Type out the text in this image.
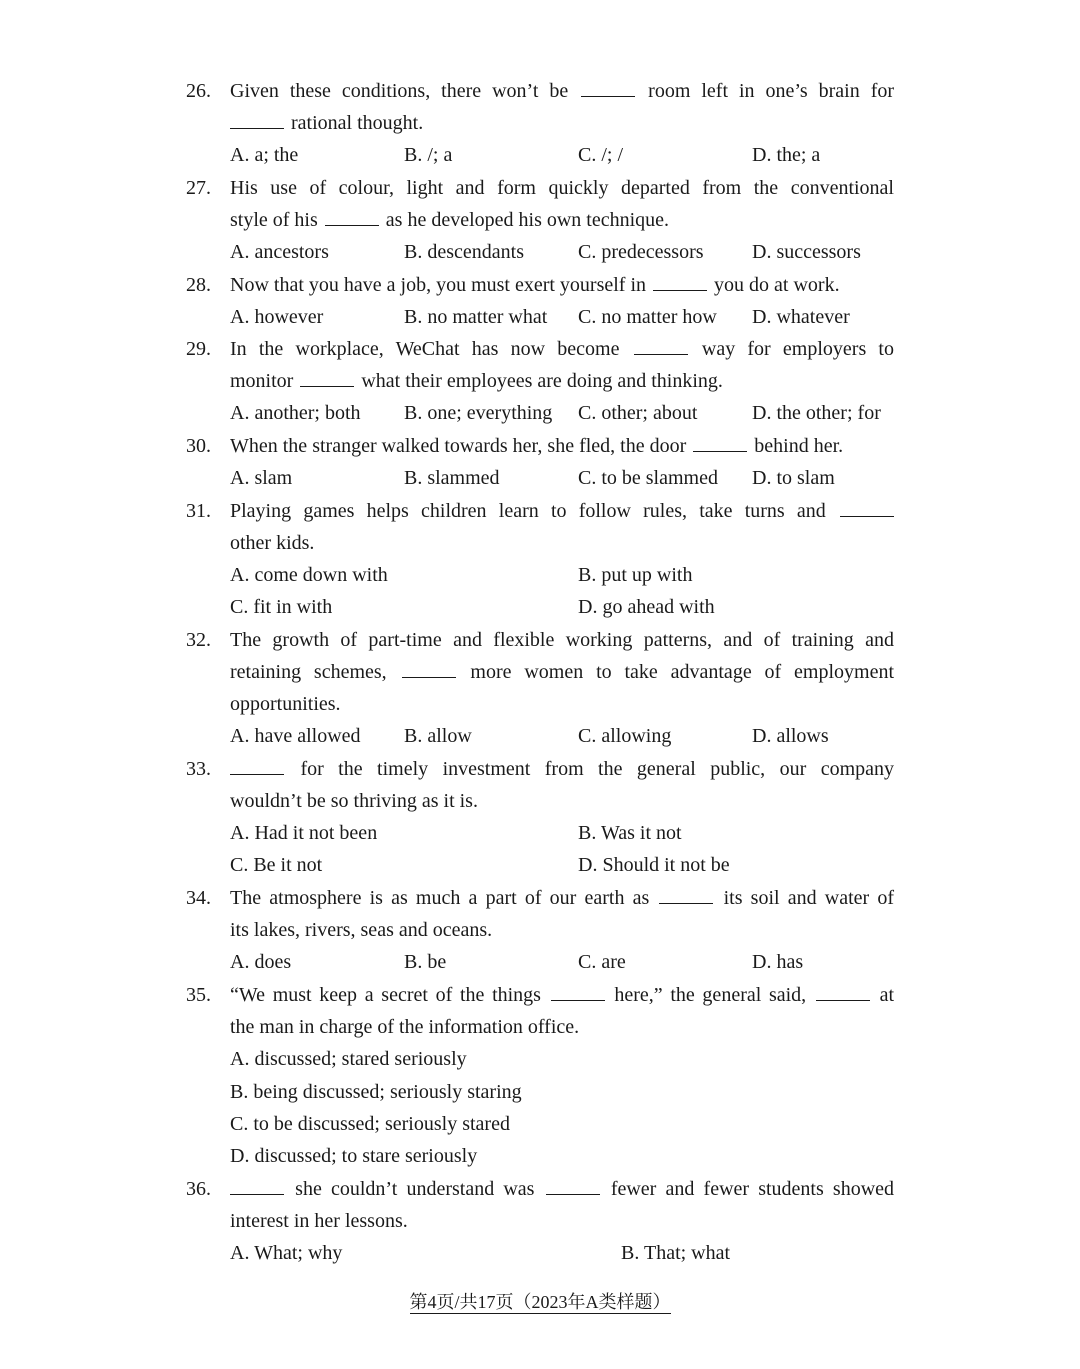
26. Given these conditions, there won’t be	room left in one’s brain for
rational thought.
A. a; the	B. /; a	C. /; /	D. the; a
27. His use of colour, light and form quickly departed from the conventional
style of his	as he developed his own technique.
A. ancestors	B. descendants	C. predecessors D. successors
28. Now that you have a job, you must exert yourself in	you do at work.
A. however	B. no matter what C. no matter how D. whatever
29. In the workplace, WeChat has now become	way for employers to
monitor	what their employees are doing and thinking.
A. another; both B. one; everything C. other; about	D. the other; for
30. When the stranger walked towards her, she fled, the door	behind her.
A. slam	B. slammed	C. to be slammed D. to slam
31. Playing games helps children learn to follow rules, take turns and
other kids.
A. come down with	B. put up with
C. fit in with	D. go ahead with
32. The growth of part-time and flexible working patterns, and of training and
retaining schemes,	more women to take advantage of employment
opportunities.
A. have allowed B. allow	C. allowing	D. allows
33.	for the timely investment from the general public, our company
wouldn’t be so thriving as it is.
A. Had it not been	B. Was it not
C. Be it not	D. Should it not be
34. The atmosphere is as much a part of our earth as	its soil and water of
its lakes, rivers, seas and oceans.
A. does	B. be	C. are	D. has
35. “We must keep a secret of the things	here,” the general said,	at
the man in charge of the information office.
A. discussed; stared seriously
B. being discussed; seriously staring
C. to be discussed; seriously stared
D. discussed; to stare seriously
36.	she couldn’t understand was	fewer and fewer students showed
interest in her lessons.
A. What; why	B. That; what
第4页/共17页（2023年A类样题）
